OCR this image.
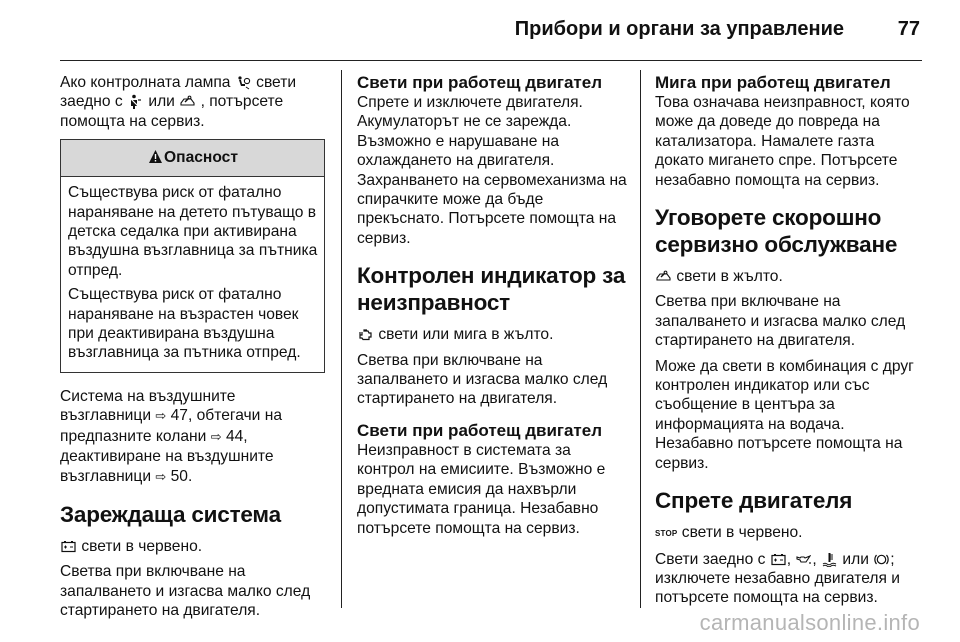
Прибори и органи за управление	77

Ако контролната лампа свети заедно с или , потърсете помощта на сервиз.

Опасност

Съществува риск от фатално нараняване на детето пътуващо в детска седалка при активирана въздушна възглавница за пътника отпред.

Съществува риск от фатално нараняване на възрастен човек при деактивирана въздушна възглавница за пътника отпред.

Система на въздушните възглавници ⇨ 47, обтегачи на предпазните колани ⇨ 44, деактивиране на въздушните възглавници ⇨ 50.

Зареждаща система

свети в червено.

Светва при включване на запалването и изгасва малко след стартирането на двигателя.

Свети при работещ двигател

Спрете и изключете двигателя. Акумулаторът не се зарежда. Възможно е нарушаване на охлаждането на двигателя. Захранването на сервомеханизма на спирачките може да бъде прекъснато. Потърсете помощта на сервиз.

Контролен индикатор за неизправност

свети или мига в жълто.

Светва при включване на запалването и изгасва малко след стартирането на двигателя.

Свети при работещ двигател

Неизправност в системата за контрол на емисиите. Възможно е вредната емисия да нахвърли допустимата граница. Незабавно потърсете помощта на сервиз.

Мига при работещ двигател

Това означава неизправност, която може да доведе до повреда на катализатора. Намалете газта докато мигането спре. Потърсете незабавно помощта на сервиз.

Уговорете скорошно сервизно обслужване

свети в жълто.

Светва при включване на запалването и изгасва малко след стартирането на двигателя.

Може да свети в комбинация с друг контролен индикатор или със съобщение в центъра за информацията на водача. Незабавно потърсете помощта на сервиз.

Спрете двигателя

STOP свети в червено.

Свети заедно с ,
,
или ; изключете незабавно двигателя и потърсете помощта на сервиз.

carmanualsonline.info
